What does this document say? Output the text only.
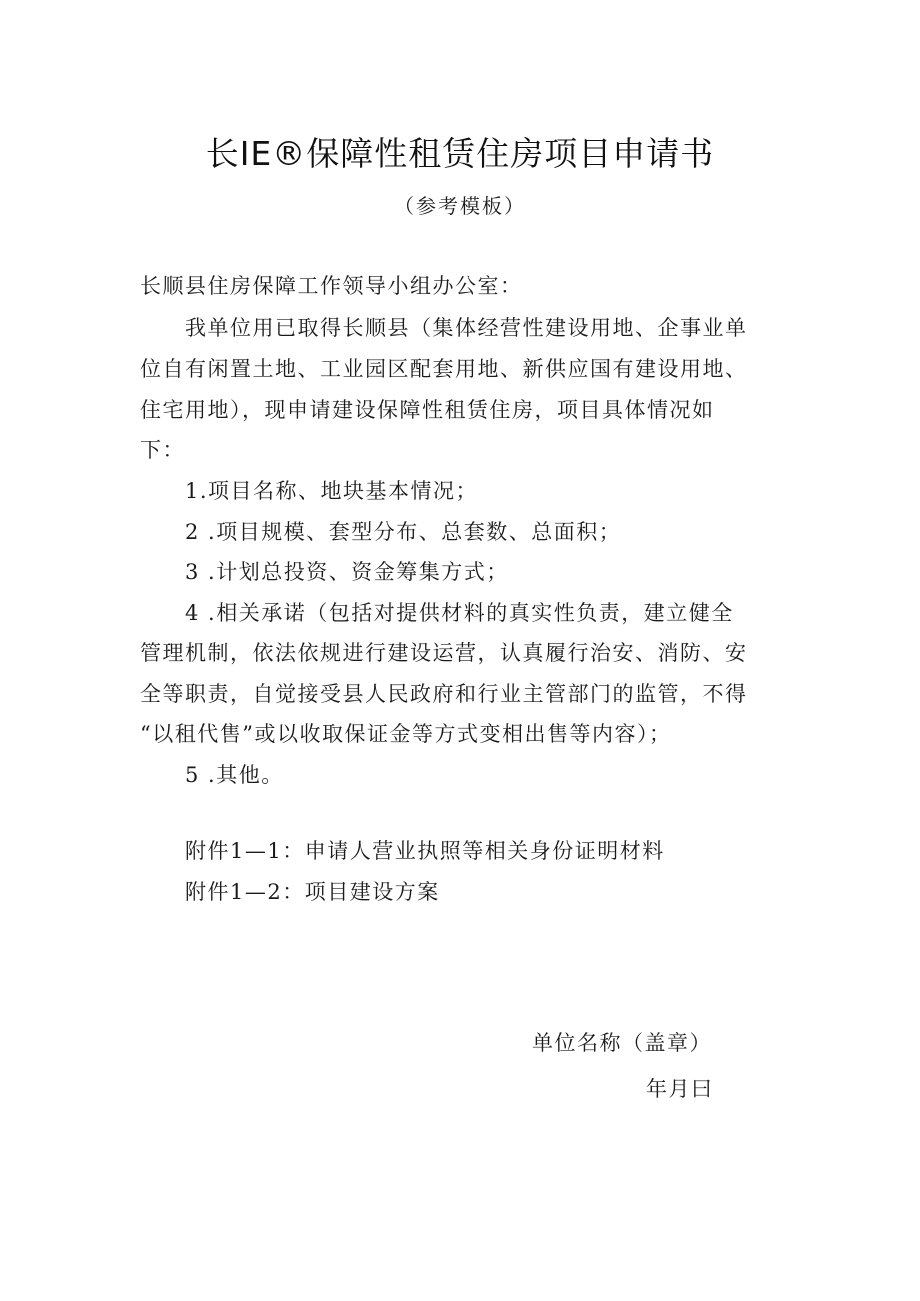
长IE®保障性租赁住房项目申请书
（参考模板）
长顺县住房保障工作领导小组办公室：
我单位用已取得长顺县（集体经营性建设用地、企事业单
位自有闲置土地、工业园区配套用地、新供应国有建设用地、
住宅用地），现申请建设保障性租赁住房，项目具体情况如
下：
1.项目名称、地块基本情况；
2 .项目规模、套型分布、总套数、总面积；
3 .计划总投资、资金筹集方式；
4 .相关承诺（包括对提供材料的真实性负责，建立健全
管理机制，依法依规进行建设运营，认真履行治安、消防、安
全等职责，自觉接受县人民政府和行业主管部门的监管，不得
“以租代售”或以收取保证金等方式变相出售等内容）；
5 .其他。
附件1—1：申请人营业执照等相关身份证明材料
附件1—2：项目建设方案
单位名称（盖章）
年月曰
